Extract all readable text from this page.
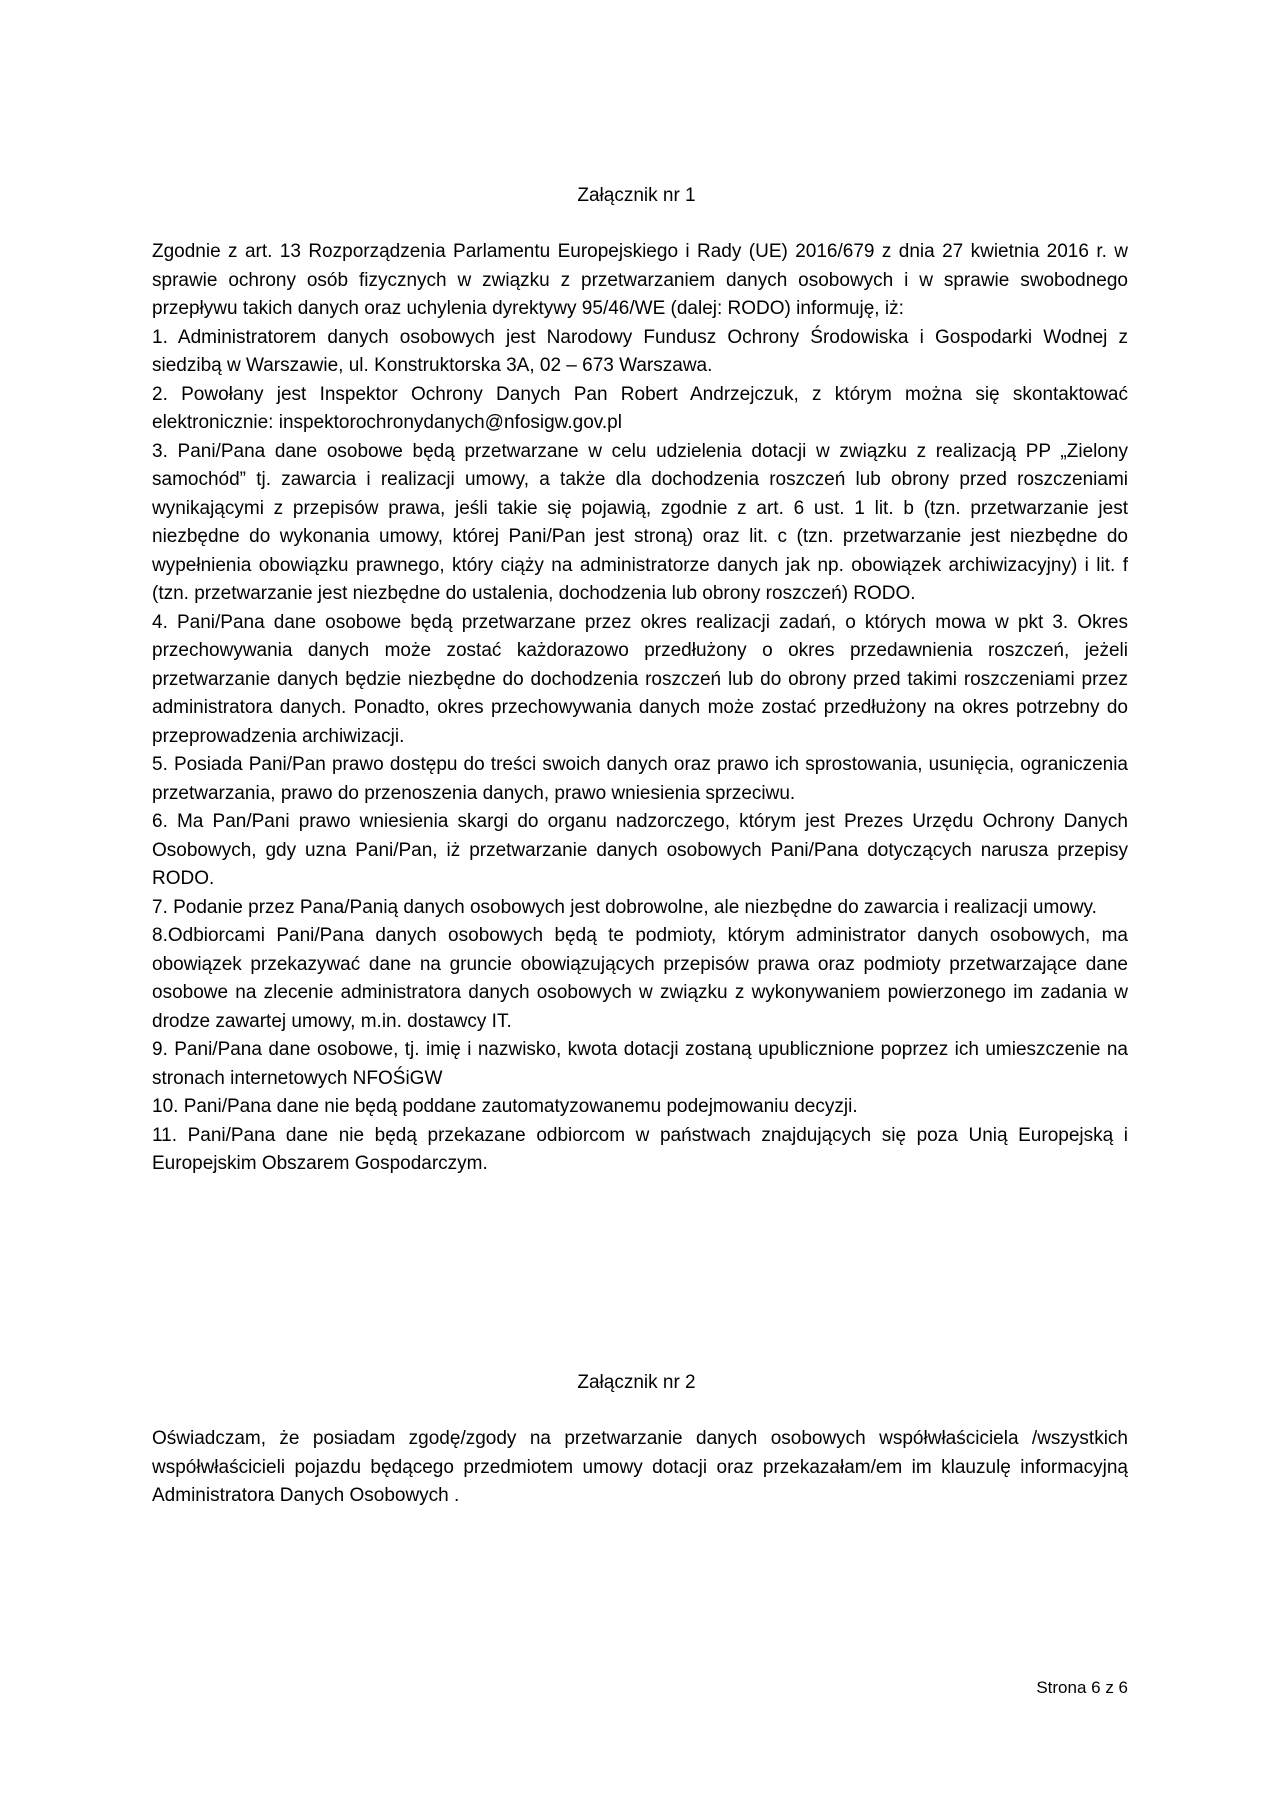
Załącznik nr 1

Zgodnie z art. 13 Rozporządzenia Parlamentu Europejskiego i Rady (UE) 2016/679 z dnia 27 kwietnia 2016 r. w sprawie ochrony osób fizycznych w związku z przetwarzaniem danych osobowych i w sprawie swobodnego przepływu takich danych oraz uchylenia dyrektywy 95/46/WE (dalej: RODO) informuję, iż:

1. Administratorem danych osobowych jest Narodowy Fundusz Ochrony Środowiska i Gospodarki Wodnej z siedzibą w Warszawie, ul. Konstruktorska 3A, 02 – 673 Warszawa.

2. Powołany jest Inspektor Ochrony Danych Pan Robert Andrzejczuk, z którym można się skontaktować elektronicznie: inspektorochronydanych@nfosigw.gov.pl

3. Pani/Pana dane osobowe będą przetwarzane w celu udzielenia dotacji w związku z realizacją PP „Zielony samochód” tj. zawarcia i realizacji umowy, a także dla dochodzenia roszczeń lub obrony przed roszczeniami wynikającymi z przepisów prawa, jeśli takie się pojawią, zgodnie z art. 6 ust. 1 lit. b (tzn. przetwarzanie jest niezbędne do wykonania umowy, której Pani/Pan jest stroną) oraz lit. c (tzn. przetwarzanie jest niezbędne do wypełnienia obowiązku prawnego, który ciąży na administratorze danych jak np. obowiązek archiwizacyjny) i lit. f (tzn. przetwarzanie jest niezbędne do ustalenia, dochodzenia lub obrony roszczeń) RODO.

4. Pani/Pana dane osobowe będą przetwarzane przez okres realizacji zadań, o których mowa w pkt 3. Okres przechowywania danych może zostać każdorazowo przedłużony o okres przedawnienia roszczeń, jeżeli przetwarzanie danych będzie niezbędne do dochodzenia roszczeń lub do obrony przed takimi roszczeniami przez administratora danych. Ponadto, okres przechowywania danych może zostać przedłużony na okres potrzebny do przeprowadzenia archiwizacji.

5. Posiada Pani/Pan prawo dostępu do treści swoich danych oraz prawo ich sprostowania, usunięcia, ograniczenia przetwarzania, prawo do przenoszenia danych, prawo wniesienia sprzeciwu.

6. Ma Pan/Pani prawo wniesienia skargi do organu nadzorczego, którym jest Prezes Urzędu Ochrony Danych Osobowych, gdy uzna Pani/Pan, iż przetwarzanie danych osobowych Pani/Pana dotyczących narusza przepisy RODO.

7. Podanie przez Pana/Panią danych osobowych jest dobrowolne, ale niezbędne do zawarcia i realizacji umowy.

8.Odbiorcami Pani/Pana danych osobowych będą te podmioty, którym administrator danych osobowych, ma obowiązek przekazywać dane na gruncie obowiązujących przepisów prawa oraz podmioty przetwarzające dane osobowe na zlecenie administratora danych osobowych w związku z wykonywaniem powierzonego im zadania w drodze zawartej umowy, m.in. dostawcy IT.

9. Pani/Pana dane osobowe, tj. imię i nazwisko, kwota dotacji zostaną upublicznione poprzez ich umieszczenie na stronach internetowych NFOŚiGW

10. Pani/Pana dane nie będą poddane zautomatyzowanemu podejmowaniu decyzji.

11. Pani/Pana dane nie będą przekazane odbiorcom w państwach znajdujących się poza Unią Europejską i Europejskim Obszarem Gospodarczym.

Załącznik nr 2

Oświadczam, że posiadam zgodę/zgody na przetwarzanie danych osobowych współwłaściciela /wszystkich współwłaścicieli pojazdu będącego przedmiotem umowy dotacji oraz przekazałam/em im klauzulę informacyjną Administratora Danych Osobowych .

Strona 6 z 6
